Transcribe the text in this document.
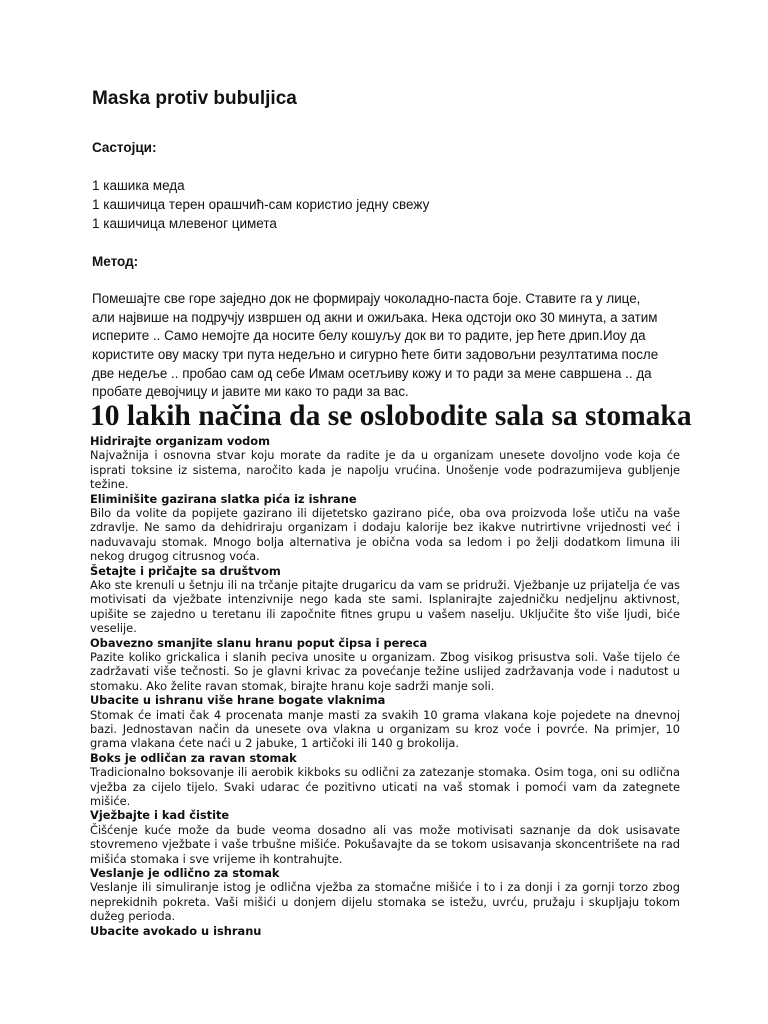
Maska protiv bubuljica
Састојци:
1 кашика меда
1 кашичица терен орашчић-сам користио једну свежу
1 кашичица млевеног цимета
Метод:
Помешајте све горе заједно док не формирају чоколадно-паста боје. Ставите га у лице,
али највише на подручју извршен од акни и ожиљака. Нека одстоји око 30 минута, а затим
исперите .. Само немојте да носите белу кошуљу док ви то радите, јер ћете дрип.Иоу да
користите ову маску три пута недељно и сигурно ћете бити задовољни резултатима после
две недеље .. пробао сам од себе Имам осетљиву кожу и то ради за мене савршена .. да
пробате девојчицу и јавите ми како то ради за вас.
10 lakih načina da se oslobodite sala sa stomaka
Hidrirajte organizam vodom
Najvažnija i osnovna stvar koju morate da radite je da u organizam unesete dovoljno vode koja će isprati toksine iz sistema, naročito kada je napolju vrućina. Unošenje vode podrazumijeva gubljenje težine.
Eliminišite gazirana slatka pića iz ishrane
Bilo da volite da popijete gazirano ili dijetetsko gazirano piće, oba ova proizvoda loše utiču na vaše zdravlje. Ne samo da dehidriraju organizam i dodaju kalorije bez ikakve nutrirtivne vrijednosti već i naduvavaju stomak. Mnogo bolja alternativa je obična voda sa ledom i po želji dodatkom limuna ili nekog drugog citrusnog voća.
Šetajte i pričajte sa društvom
Ako ste krenuli u šetnju ili na trčanje pitajte drugaricu da vam se pridruži. Vježbanje uz prijatelja će vas motivisati da vježbate intenzivnije nego kada ste sami. Isplanirajte zajedničku nedjeljnu aktivnost, upišite se zajedno u teretanu ili započnite fitnes grupu u vašem naselju. Uključite što više ljudi, biće veselije.
Obavezno smanjite slanu hranu poput čipsa i pereca
Pazite koliko grickalica i slanih peciva unosite u organizam. Zbog visikog prisustva soli. Vaše tijelo će zadržavati više tečnosti. So je glavni krivac za povećanje težine uslijed zadržavanja vode i nadutost u stomaku. Ako želite ravan stomak, birajte hranu koje sadrži manje soli.
Ubacite u ishranu više hrane bogate vlaknima
Stomak će imati čak 4 procenata manje masti za svakih 10 grama vlakana koje pojedete na dnevnoj bazi. Jednostavan način da unesete ova vlakna u organizam su kroz voće i povrće. Na primjer, 10 grama vlakana ćete naći u 2 jabuke, 1 artičoki ili 140 g brokolija.
Boks je odličan za ravan stomak
Tradicionalno boksovanje ili aerobik kikboks su odlični za zatezanje stomaka. Osim toga, oni su odlična vježba za cijelo tijelo. Svaki udarac će pozitivno uticati na vaš stomak i pomoći vam da zategnete mišiće.
Vježbajte i kad čistite
Čišćenje kuće može da bude veoma dosadno ali vas može motivisati saznanje da dok usisavate stovremeno vježbate i vaše trbušne mišiće. Pokušavajte da se tokom usisavanja skoncentrišete na rad mišića stomaka i sve vrijeme ih kontrahujte.
Veslanje je odlično za stomak
Veslanje ili simuliranje istog je odlična vježba za stomačne mišiće i to i za donji i za gornji torzo zbog neprekidnih pokreta. Vaši mišići u donjem dijelu stomaka se istežu, uvrću, pružaju i skupljaju tokom dužeg perioda.
Ubacite avokado u ishranu
